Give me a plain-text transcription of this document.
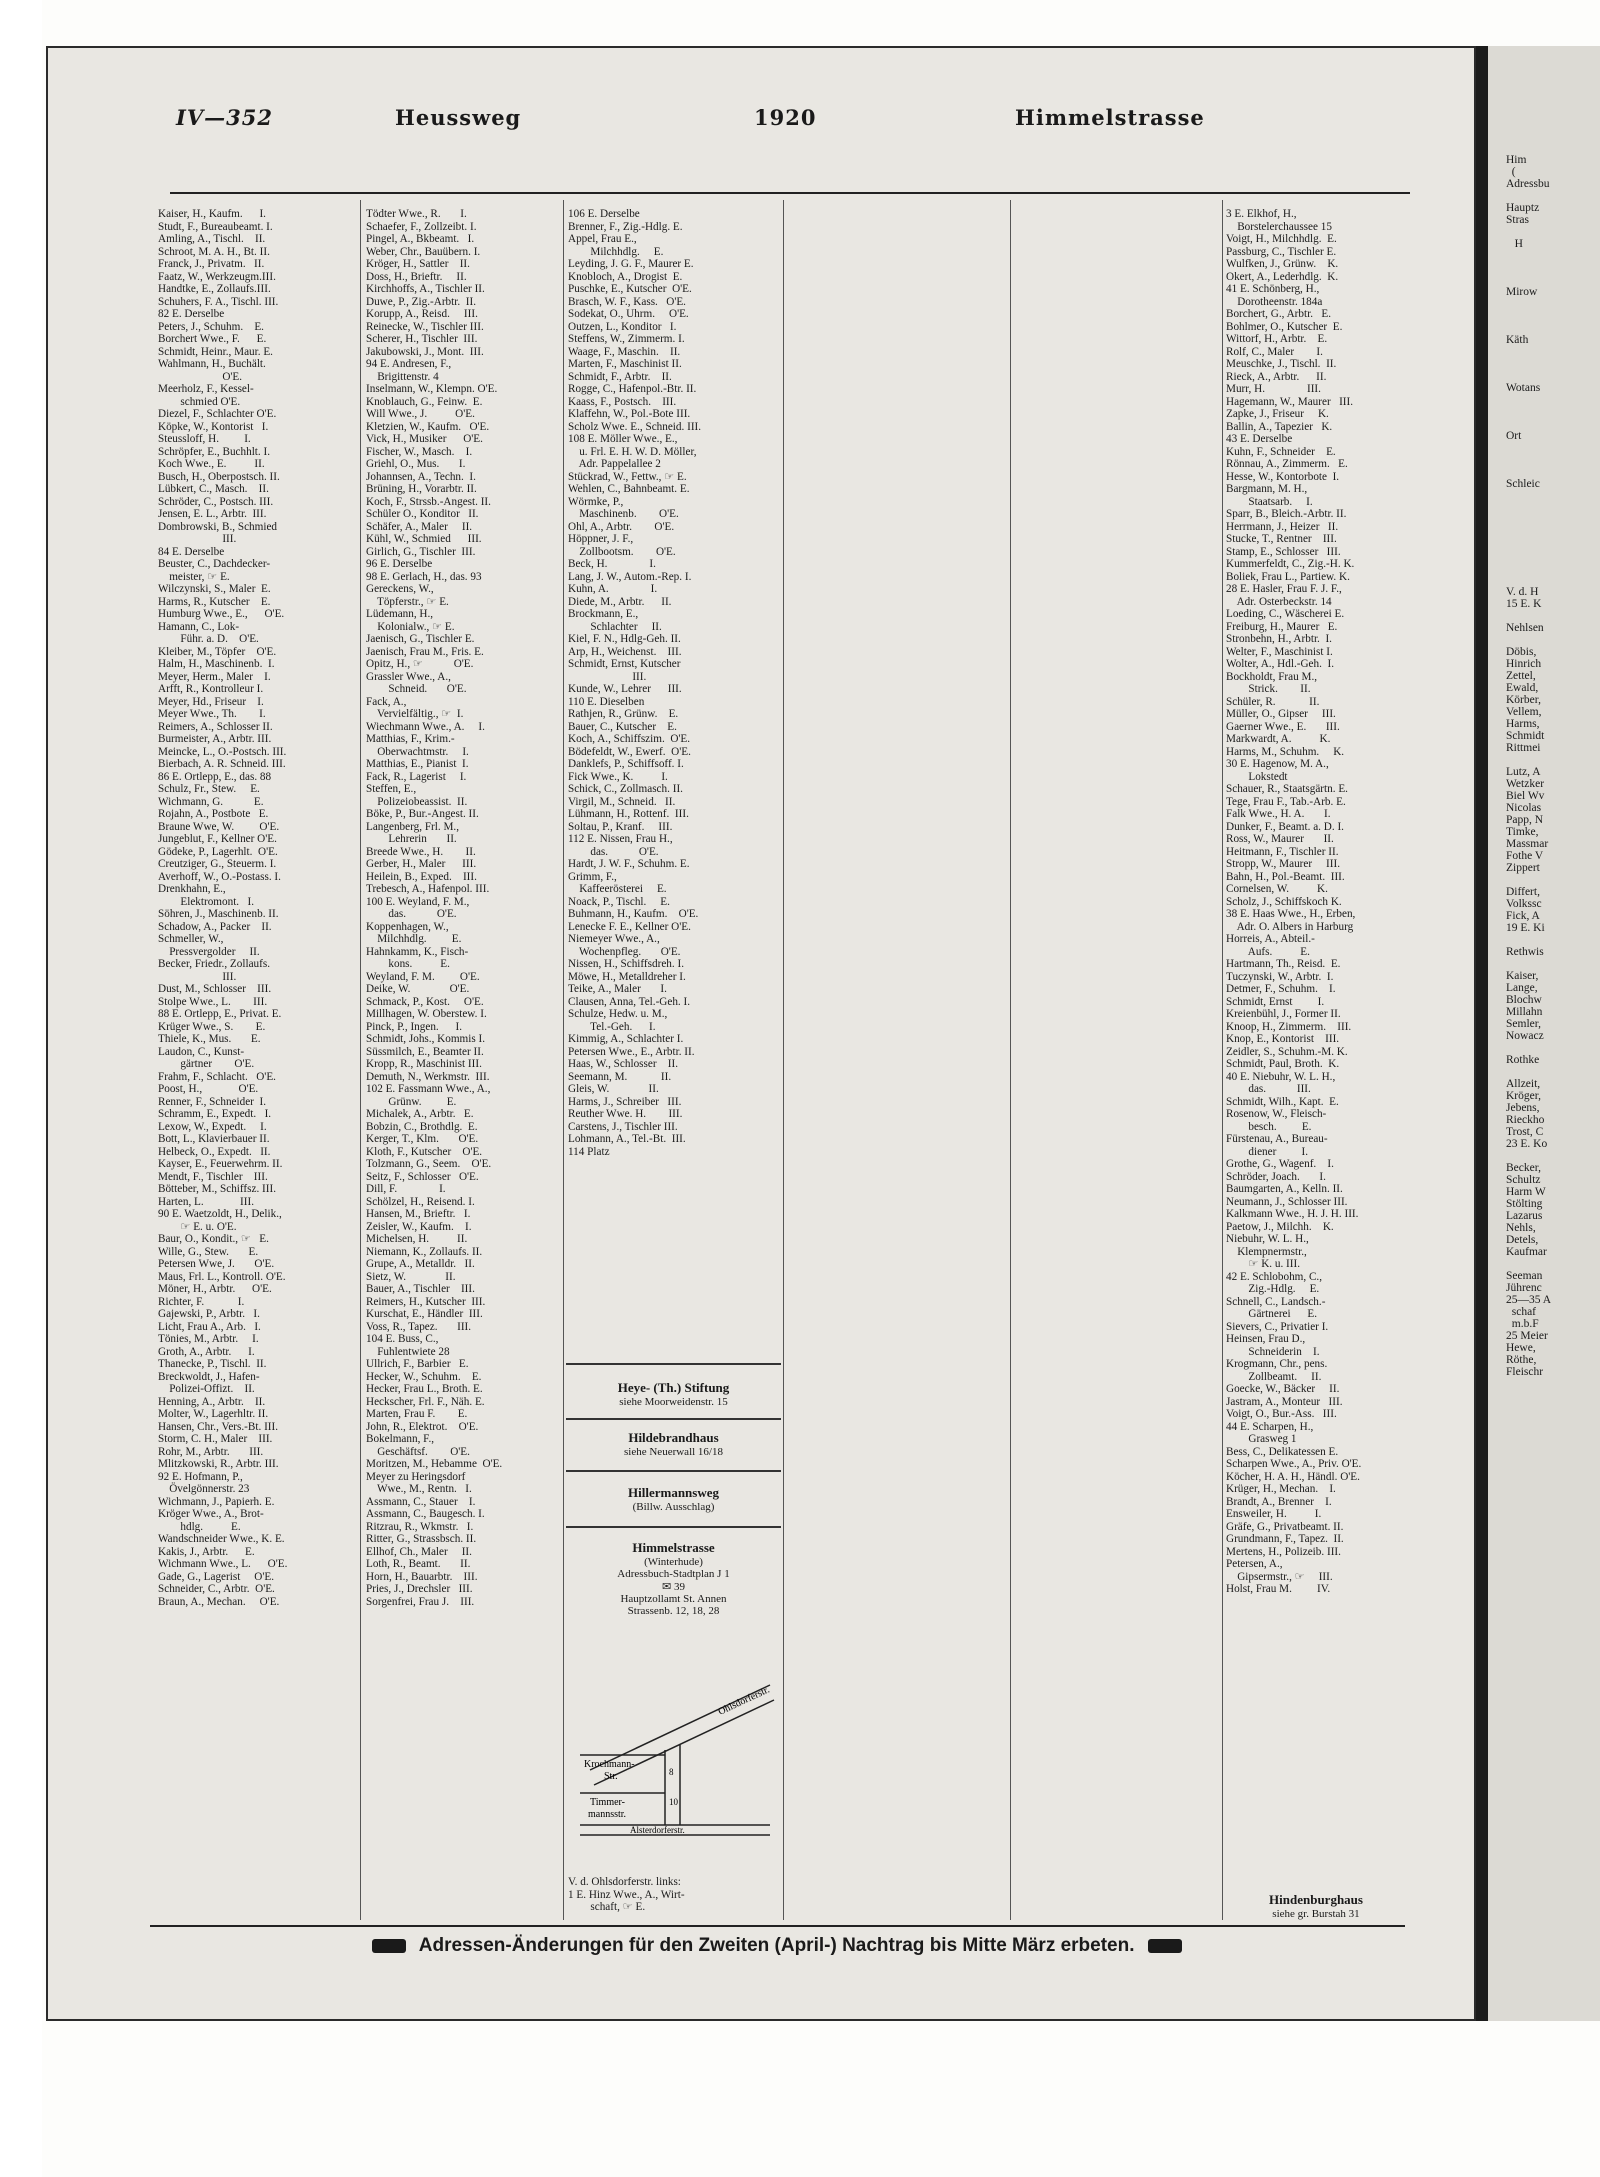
Him
(
Adressbu

Hauptz
Stras

H

Mirow

Käth

Wotans

Ort

Schleic

V. d. H
15 E. K

Nehlsen

Döbis,
Hinrich
Zettel,
Ewald,
Körber,
Vellem,
Harms,
Schmidt
Rittmei

Lutz, A
Wetzker
Biel Wv
Nicolas
Papp, N
Timke,
Massmar
Fothe V
Zippert

Differt,
Volkssc
Fick, A
19 E. Ki

Rethwis

Kaiser,
Lange,
Blochw
Millahn
Semler,
Nowacz

Rothke

Allzeit,
Kröger,
Jebens,
Rieckho
Trost, C
23 E. Ko

Becker,
Schultz
Harm W
Stölting
Lazarus
Nehls,
Detels,
Kaufmar

Seeman
Jührenc
25—35 A
schaf
m.b.F
25 Meier
Hewe,
Röthe,
Fleischr
IV—352	Heussweg	1920	Himmelstrasse
Kaiser, H., Kaufm.      I.
Studt, F., Bureaubeamt. I.
Amling, A., Tischl.    II.
Schroot, M. A. H., Bt. II.
Franck, J., Privatm.   II.
Faatz, W., Werkzeugm.III.
Handtke, E., Zollaufs.III.
Schuhers, F. A., Tischl. III.
82 E. Derselbe
Peters, J., Schuhm.    E.
Borchert Wwe., F.      E.
Schmidt, Heinr., Maur. E.
Wahlmann, H., Buchält.
O'E.
Meerholz, F., Kessel-
schmied O'E.
Diezel, F., Schlachter O'E.
Köpke, W., Kontorist   I.
Steussloff, H.         I.
Schröpfer, E., Buchhlt. I.
Koch Wwe., E.          II.
Busch, H., Oberpostsch. II.
Lübkert, C., Masch.    II.
Schröder, C., Postsch. III.
Jensen, E. L., Arbtr.  III.
Dombrowski, B., Schmied
III.
84 E. Derselbe
Beuster, C., Dachdecker-
meister, ☞ E.
Wilczynski, S., Maler  E.
Harms, R., Kutscher    E.
Humburg Wwe., E.,      O'E.
Hamann, C., Lok-
Führ. a. D.    O'E.
Kleiber, M., Töpfer    O'E.
Halm, H., Maschinenb.  I.
Meyer, Herm., Maler    I.
Arfft, R., Kontrolleur I.
Meyer, Hd., Friseur    I.
Meyer Wwe., Th.        I.
Reimers, A., Schlosser II.
Burmeister, A., Arbtr. III.
Meincke, L., O.-Postsch. III.
Bierbach, A. R. Schneid. III.
86 E. Ortlepp, E., das. 88
Schulz, Fr., Stew.     E.
Wichmann, G.           E.
Rojahn, A., Postbote   E.
Braune Wwe, W.         O'E.
Jungeblut, F., Kellner O'E.
Gödeke, P., Lagerhlt.  O'E.
Creutziger, G., Steuerm. I.
Averhoff, W., O.-Postass. I.
Drenkhahn, E.,
Elektromont.   I.
Söhren, J., Maschinenb. II.
Schadow, A., Packer    II.
Schmeller, W.,
Pressvergolder     II.
Becker, Friedr., Zollaufs.
III.
Dust, M., Schlosser    III.
Stolpe Wwe., L.        III.
88 E. Ortlepp, E., Privat. E.
Krüger Wwe., S.        E.
Thiele, K., Mus.       E.
Laudon, C., Kunst-
gärtner        O'E.
Frahm, F., Schlacht.   O'E.
Poost, H.,             O'E.
Renner, F., Schneider  I.
Schramm, E., Expedt.   I.
Lexow, W., Expedt.     I.
Bott, L., Klavierbauer II.
Helbeck, O., Expedt.   II.
Kayser, E., Feuerwehrm. II.
Mendt, F., Tischler    III.
Bötteber, M., Schiffsz. III.
Harten, L.             III.
90 E. Waetzoldt, H., Delik.,
☞ E. u. O'E.
Baur, O., Kondit., ☞   E.
Wille, G., Stew.       E.
Petersen Wwe, J.       O'E.
Maus, Frl. L., Kontroll. O'E.
Möner, H., Arbtr.      O'E.
Richter, F.            I.
Gajewski, P., Arbtr.   I.
Licht, Frau A., Arb.   I.
Tönies, M., Arbtr.     I.
Groth, A., Arbtr.      I.
Thanecke, P., Tischl.  II.
Breckwoldt, J., Hafen-
Polizei-Offizt.    II.
Henning, A., Arbtr.    II.
Molter, W., Lagerhltr. II.
Hansen, Chr., Vers.-Bt. III.
Storm, C. H., Maler    III.
Rohr, M., Arbtr.       III.
Mlitzkowski, R., Arbtr. III.
92 E. Hofmann, P.,
Övelgönnerstr. 23
Wichmann, J., Papierh. E.
Kröger Wwe., A., Brot-
hdlg.          E.
Wandschneider Wwe., K. E.
Kakis, J., Arbtr.      E.
Wichmann Wwe., L.      O'E.
Gade, G., Lagerist     O'E.
Schneider, C., Arbtr.  O'E.
Braun, A., Mechan.     O'E.
Tödter Wwe., R.       I.
Schaefer, F., Zollzeibt. I.
Pingel, A., Bkbeamt.   I.
Weber, Chr., Bauübern. I.
Kröger, H., Sattler    II.
Doss, H., Brieftr.     II.
Kirchhoffs, A., Tischler II.
Duwe, P., Zig.-Arbtr.  II.
Korupp, A., Reisd.     III.
Reinecke, W., Tischler III.
Scherer, H., Tischler  III.
Jakubowski, J., Mont.  III.
94 E. Andresen, F.,
Brigittenstr. 4
Inselmann, W., Klempn. O'E.
Knoblauch, G., Feinw.  E.
Will Wwe., J.          O'E.
Kletzien, W., Kaufm.   O'E.
Vick, H., Musiker      O'E.
Fischer, W., Masch.    I.
Griehl, O., Mus.       I.
Johannsen, A., Techn.  I.
Brüning, H., Vorarbtr. II.
Koch, F., Strssb.-Angest. II.
Schüler O., Konditor   II.
Schäfer, A., Maler     II.
Kühl, W., Schmied      III.
Girlich, G., Tischler  III.
96 E. Derselbe
98 E. Gerlach, H., das. 93
Gereckens, W.,
Töpferstr., ☞ E.
Lüdemann, H.,
Kolonialw., ☞ E.
Jaenisch, G., Tischler E.
Jaenisch, Frau M., Fris. E.
Opitz, H., ☞           O'E.
Grassler Wwe., A.,
Schneid.       O'E.
Fack, A.,
Vervielfältig., ☞  I.
Wiechmann Wwe., A.     I.
Matthias, F., Krim.-
Oberwachtmstr.     I.
Matthias, E., Pianist  I.
Fack, R., Lagerist     I.
Steffen, E.,
Polizeiobeassist.  II.
Böke, P., Bur.-Angest. II.
Langenberg, Frl. M.,
Lehrerin       II.
Breede Wwe., H.        II.
Gerber, H., Maler      III.
Heilein, B., Exped.    III.
Trebesch, A., Hafenpol. III.
100 E. Weyland, F. M.,
das.           O'E.
Koppenhagen, W.,
Milchhdlg.         E.
Hahnkamm, K., Fisch-
kons.          E.
Weyland, F. M.         O'E.
Deike, W.              O'E.
Schmack, P., Kost.     O'E.
Millhagen, W. Oberstew. I.
Pinck, P., Ingen.      I.
Schmidt, Johs., Kommis I.
Süssmilch, E., Beamter II.
Kropp, R., Maschinist III.
Demuth, N., Werkmstr.  III.
102 E. Fassmann Wwe., A.,
Grünw.         E.
Michalek, A., Arbtr.   E.
Bobzin, C., Brothdlg.  E.
Kerger, T., Klm.       O'E.
Kloth, F., Kutscher    O'E.
Tolzmann, G., Seem.    O'E.
Seitz, F., Schlosser   O'E.
Dill, F.               I.
Schölzel, H., Reisend. I.
Hansen, M., Brieftr.   I.
Zeisler, W., Kaufm.    I.
Michelsen, H.          II.
Niemann, K., Zollaufs. II.
Grupe, A., Metalldr.   II.
Sietz, W.              II.
Bauer, A., Tischler    III.
Reimers, H., Kutscher  III.
Kurschat, E., Händler  III.
Voss, R., Tapez.       III.
104 E. Buss, C.,
Fuhlentwiete 28
Ullrich, F., Barbier   E.
Hecker, W., Schuhm.    E.
Hecker, Frau L., Broth. E.
Heckscher, Frl. F., Näh. E.
Marten, Frau F.        E.
John, R., Elektrot.    O'E.
Bokelmann, F.,
Geschäftsf.        O'E.
Moritzen, M., Hebamme  O'E.
Meyer zu Heringsdorf
Wwe., M., Rentn.   I.
Assmann, C., Stauer    I.
Assmann, C., Baugesch. I.
Ritzrau, R., Wkmstr.   I.
Ritter, G., Strassbsch. II.
Ellhof, Ch., Maler     II.
Loth, R., Beamt.       II.
Horn, H., Bauarbtr.    III.
Pries, J., Drechsler   III.
Sorgenfrei, Frau J.    III.
106 E. Derselbe
Brenner, F., Zig.-Hdlg. E.
Appel, Frau E.,
Milchhdlg.     E.
Leyding, J. G. F., Maurer E.
Knobloch, A., Drogist  E.
Puschke, E., Kutscher  O'E.
Brasch, W. F., Kass.   O'E.
Sodekat, O., Uhrm.     O'E.
Outzen, L., Konditor   I.
Steffens, W., Zimmerm. I.
Waage, F., Maschin.    II.
Marten, F., Maschinist II.
Schmidt, F., Arbtr.    II.
Rogge, C., Hafenpol.-Btr. II.
Kaass, F., Postsch.    III.
Klaffehn, W., Pol.-Bote III.
Scholz Wwe. E., Schneid. III.
108 E. Möller Wwe., E.,
u. Frl. E. H. W. D. Möller,
Adr. Pappelallee 2
Stückrad, W., Fettw., ☞ E.
Wehlen, C., Bahnbeamt. E.
Wörmke, P.,
Maschinenb.        O'E.
Ohl, A., Arbtr.        O'E.
Höppner, J. F.,
Zollbootsm.        O'E.
Beck, H.               I.
Lang, J. W., Autom.-Rep. I.
Kuhn, A.               I.
Diede, M., Arbtr.      II.
Brockmann, E.,
Schlachter     II.
Kiel, F. N., Hdlg-Geh. II.
Arp, H., Weichenst.    III.
Schmidt, Ernst, Kutscher
III.
Kunde, W., Lehrer      III.
110 E. Dieselben
Rathjen, R., Grünw.    E.
Bauer, C., Kutscher    E.
Koch, A., Schiffszim.  O'E.
Bödefeldt, W., Ewerf.  O'E.
Danklefs, P., Schiffsoff. I.
Fick Wwe., K.          I.
Schick, C., Zollmasch. II.
Virgil, M., Schneid.   II.
Lühmann, H., Rottenf.  III.
Soltau, P., Kranf.     III.
112 E. Nissen, Frau H.,
das.           O'E.
Hardt, J. W. F., Schuhm. E.
Grimm, F.,
Kaffeerösterei     E.
Noack, P., Tischl.     E.
Buhmann, H., Kaufm.    O'E.
Lenecke F. E., Kellner O'E.
Niemeyer Wwe., A.,
Wochenpfleg.       O'E.
Nissen, H., Schiffsdreh. I.
Möwe, H., Metalldreher I.
Teike, A., Maler       I.
Clausen, Anna, Tel.-Geh. I.
Schulze, Hedw. u. M.,
Tel.-Geh.      I.
Kimmig, A., Schlachter I.
Petersen Wwe., E., Arbtr. II.
Haas, W., Schlosser    II.
Seemann, M.            II.
Gleis, W.              II.
Harms, J., Schreiber   III.
Reuther Wwe. H.        III.
Carstens, J., Tischler III.
Lohmann, A., Tel.-Bt.  III.
114 Platz
3 E. Elkhof, H.,
Borstelerchaussee 15
Voigt, H., Milchhdlg.  E.
Passburg, C., Tischler E.
Wulfken, J., Grünw.    K.
Okert, A., Lederhdlg.  K.
41 E. Schönberg, H.,
Dorotheenstr. 184a
Borchert, G., Arbtr.   E.
Bohlmer, O., Kutscher  E.
Wittorf, H., Arbtr.    E.
Rolf, C., Maler        I.
Meuschke, J., Tischl.  II.
Rieck, A., Arbtr.      II.
Murr, H.               III.
Hagemann, W., Maurer   III.
Zapke, J., Friseur     K.
Ballin, A., Tapezier   K.
43 E. Derselbe
Kuhn, F., Schneider    E.
Rönnau, A., Zimmerm.   E.
Hesse, W., Kontorbote  I.
Bargmann, M. H.,
Staatsarb.     I.
Sparr, B., Bleich.-Arbtr. II.
Herrmann, J., Heizer   II.
Stucke, T., Rentner    III.
Stamp, E., Schlosser   III.
Kummerfeldt, C., Zig.-H. K.
Boliek, Frau L., Partiew. K.
28 E. Hasler, Frau F. J. F.,
Adr. Osterbeckstr. 14
Loeding, C., Wäscherei E.
Freiburg, H., Maurer   E.
Stronbehn, H., Arbtr.  I.
Welter, F., Maschinist I.
Wolter, A., Hdl.-Geh.  I.
Bockholdt, Frau M.,
Strick.        II.
Schüler, R.            II.
Müller, O., Gipser     III.
Gaerner Wwe., E.       III.
Markwardt, A.          K.
Harms, M., Schuhm.     K.
30 E. Hagenow, M. A.,
Lokstedt
Schauer, R., Staatsgärtn. E.
Tege, Frau F., Tab.-Arb. E.
Falk Wwe., H. A.       I.
Dunker, F., Beamt. a. D. I.
Ross, W., Maurer       II.
Heitmann, F., Tischler II.
Stropp, W., Maurer     III.
Bahn, H., Pol.-Beamt.  III.
Cornelsen, W.          K.
Scholz, J., Schiffskoch K.
38 E. Haas Wwe., H., Erben,
Adr. O. Albers in Harburg
Horreis, A., Abteil.-
Aufs.          E.
Hartmann, Th., Reisd.  E.
Tuczynski, W., Arbtr.  I.
Detmer, F., Schuhm.    I.
Schmidt, Ernst         I.
Kreienbühl, J., Former II.
Knoop, H., Zimmerm.    III.
Knop, E., Kontorist    III.
Zeidler, S., Schuhm.-M. K.
Schmidt, Paul, Broth.  K.
40 E. Niebuhr, W. L. H.,
das.           III.
Schmidt, Wilh., Kapt.  E.
Rosenow, W., Fleisch-
besch.         E.
Fürstenau, A., Bureau-
diener         I.
Grothe, G., Wagenf.    I.
Schröder, Joach.       I.
Baumgarten, A., Kelln. II.
Neumann, J., Schlosser III.
Kalkmann Wwe., H. J. H. III.
Paetow, J., Milchh.    K.
Niebuhr, W. L. H.,
Klempnermstr.,
☞ K. u. III.
42 E. Schlobohm, C.,
Zig.-Hdlg.     E.
Schnell, C., Landsch.-
Gärtnerei      E.
Sievers, C., Privatier I.
Heinsen, Frau D.,
Schneiderin    I.
Krogmann, Chr., pens.
Zollbeamt.     II.
Goecke, W., Bäcker     II.
Jastram, A., Monteur   III.
Voigt, O., Bur.-Ass.   III.
44 E. Scharpen, H.,
Grasweg 1
Bess, C., Delikatessen E.
Scharpen Wwe., A., Priv. O'E.
Köcher, H. A. H., Händl. O'E.
Krüger, H., Mechan.    I.
Brandt, A., Brenner    I.
Ensweiler, H.          I.
Gräfe, G., Privatbeamt. II.
Grundmann, F., Tapez.  II.
Mertens, H., Polizeib. III.
Petersen, A.,
Gipsermstr., ☞     III.
Holst, Frau M.         IV.
Heye- (Th.) Stiftung
siehe Moorweidenstr. 15
Hildebrandhaus
siehe Neuerwall 16/18
Hillermannsweg
(Billw. Ausschlag)
Himmelstrasse
(Winterhude)
Adressbuch-Stadtplan J 1
✉ 39
Hauptzollamt St. Annen
Strassenb. 12, 18, 28
Ohlsdorferstr.
Krochmann-
Str.
Timmer-
mannsstr.
Alsterdorferstr.
8
10
V. d. Ohlsdorferstr. links:
1 E. Hinz Wwe., A., Wirt-
schaft, ☞ E.	Hindenburghaus
siehe gr. Burstah 31
Adressen-Änderungen für den Zweiten (April-) Nachtrag bis Mitte März erbeten.
